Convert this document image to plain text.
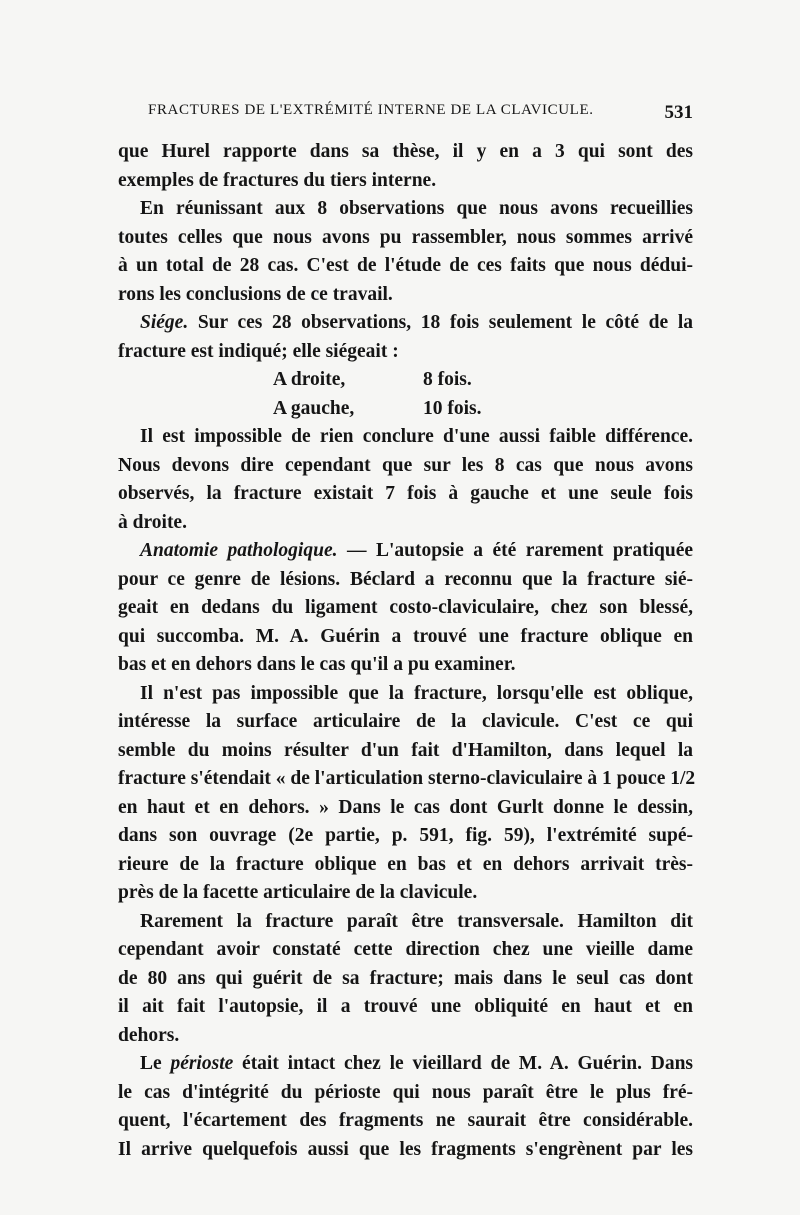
FRACTURES DE L'EXTRÉMITÉ INTERNE DE LA CLAVICULE.	531
que Hurel rapporte dans sa thèse, il y en a 3 qui sont des
exemples de fractures du tiers interne.
En réunissant aux 8 observations que nous avons recueillies
toutes celles que nous avons pu rassembler, nous sommes arrivé
à un total de 28 cas. C'est de l'étude de ces faits que nous dédui-
rons les conclusions de ce travail.
Siége. Sur ces 28 observations, 18 fois seulement le côté de la
fracture est indiqué; elle siégeait :
A droite,	8 fois.
A gauche,	10 fois.
Il est impossible de rien conclure d'une aussi faible différence.
Nous devons dire cependant que sur les 8 cas que nous avons
observés, la fracture existait 7 fois à gauche et une seule fois
à droite.
Anatomie pathologique. — L'autopsie a été rarement pratiquée
pour ce genre de lésions. Béclard a reconnu que la fracture sié-
geait en dedans du ligament costo-claviculaire, chez son blessé,
qui succomba. M. A. Guérin a trouvé une fracture oblique en
bas et en dehors dans le cas qu'il a pu examiner.
Il n'est pas impossible que la fracture, lorsqu'elle est oblique,
intéresse la surface articulaire de la clavicule. C'est ce qui
semble du moins résulter d'un fait d'Hamilton, dans lequel la
fracture s'étendait « de l'articulation sterno-claviculaire à 1 pouce 1/2
en haut et en dehors. » Dans le cas dont Gurlt donne le dessin,
dans son ouvrage (2e partie, p. 591, fig. 59), l'extrémité supé-
rieure de la fracture oblique en bas et en dehors arrivait très-
près de la facette articulaire de la clavicule.
Rarement la fracture paraît être transversale. Hamilton dit
cependant avoir constaté cette direction chez une vieille dame
de 80 ans qui guérit de sa fracture; mais dans le seul cas dont
il ait fait l'autopsie, il a trouvé une obliquité en haut et en
dehors.
Le périoste était intact chez le vieillard de M. A. Guérin. Dans
le cas d'intégrité du périoste qui nous paraît être le plus fré-
quent, l'écartement des fragments ne saurait être considérable.
Il arrive quelquefois aussi que les fragments s'engrènent par les
